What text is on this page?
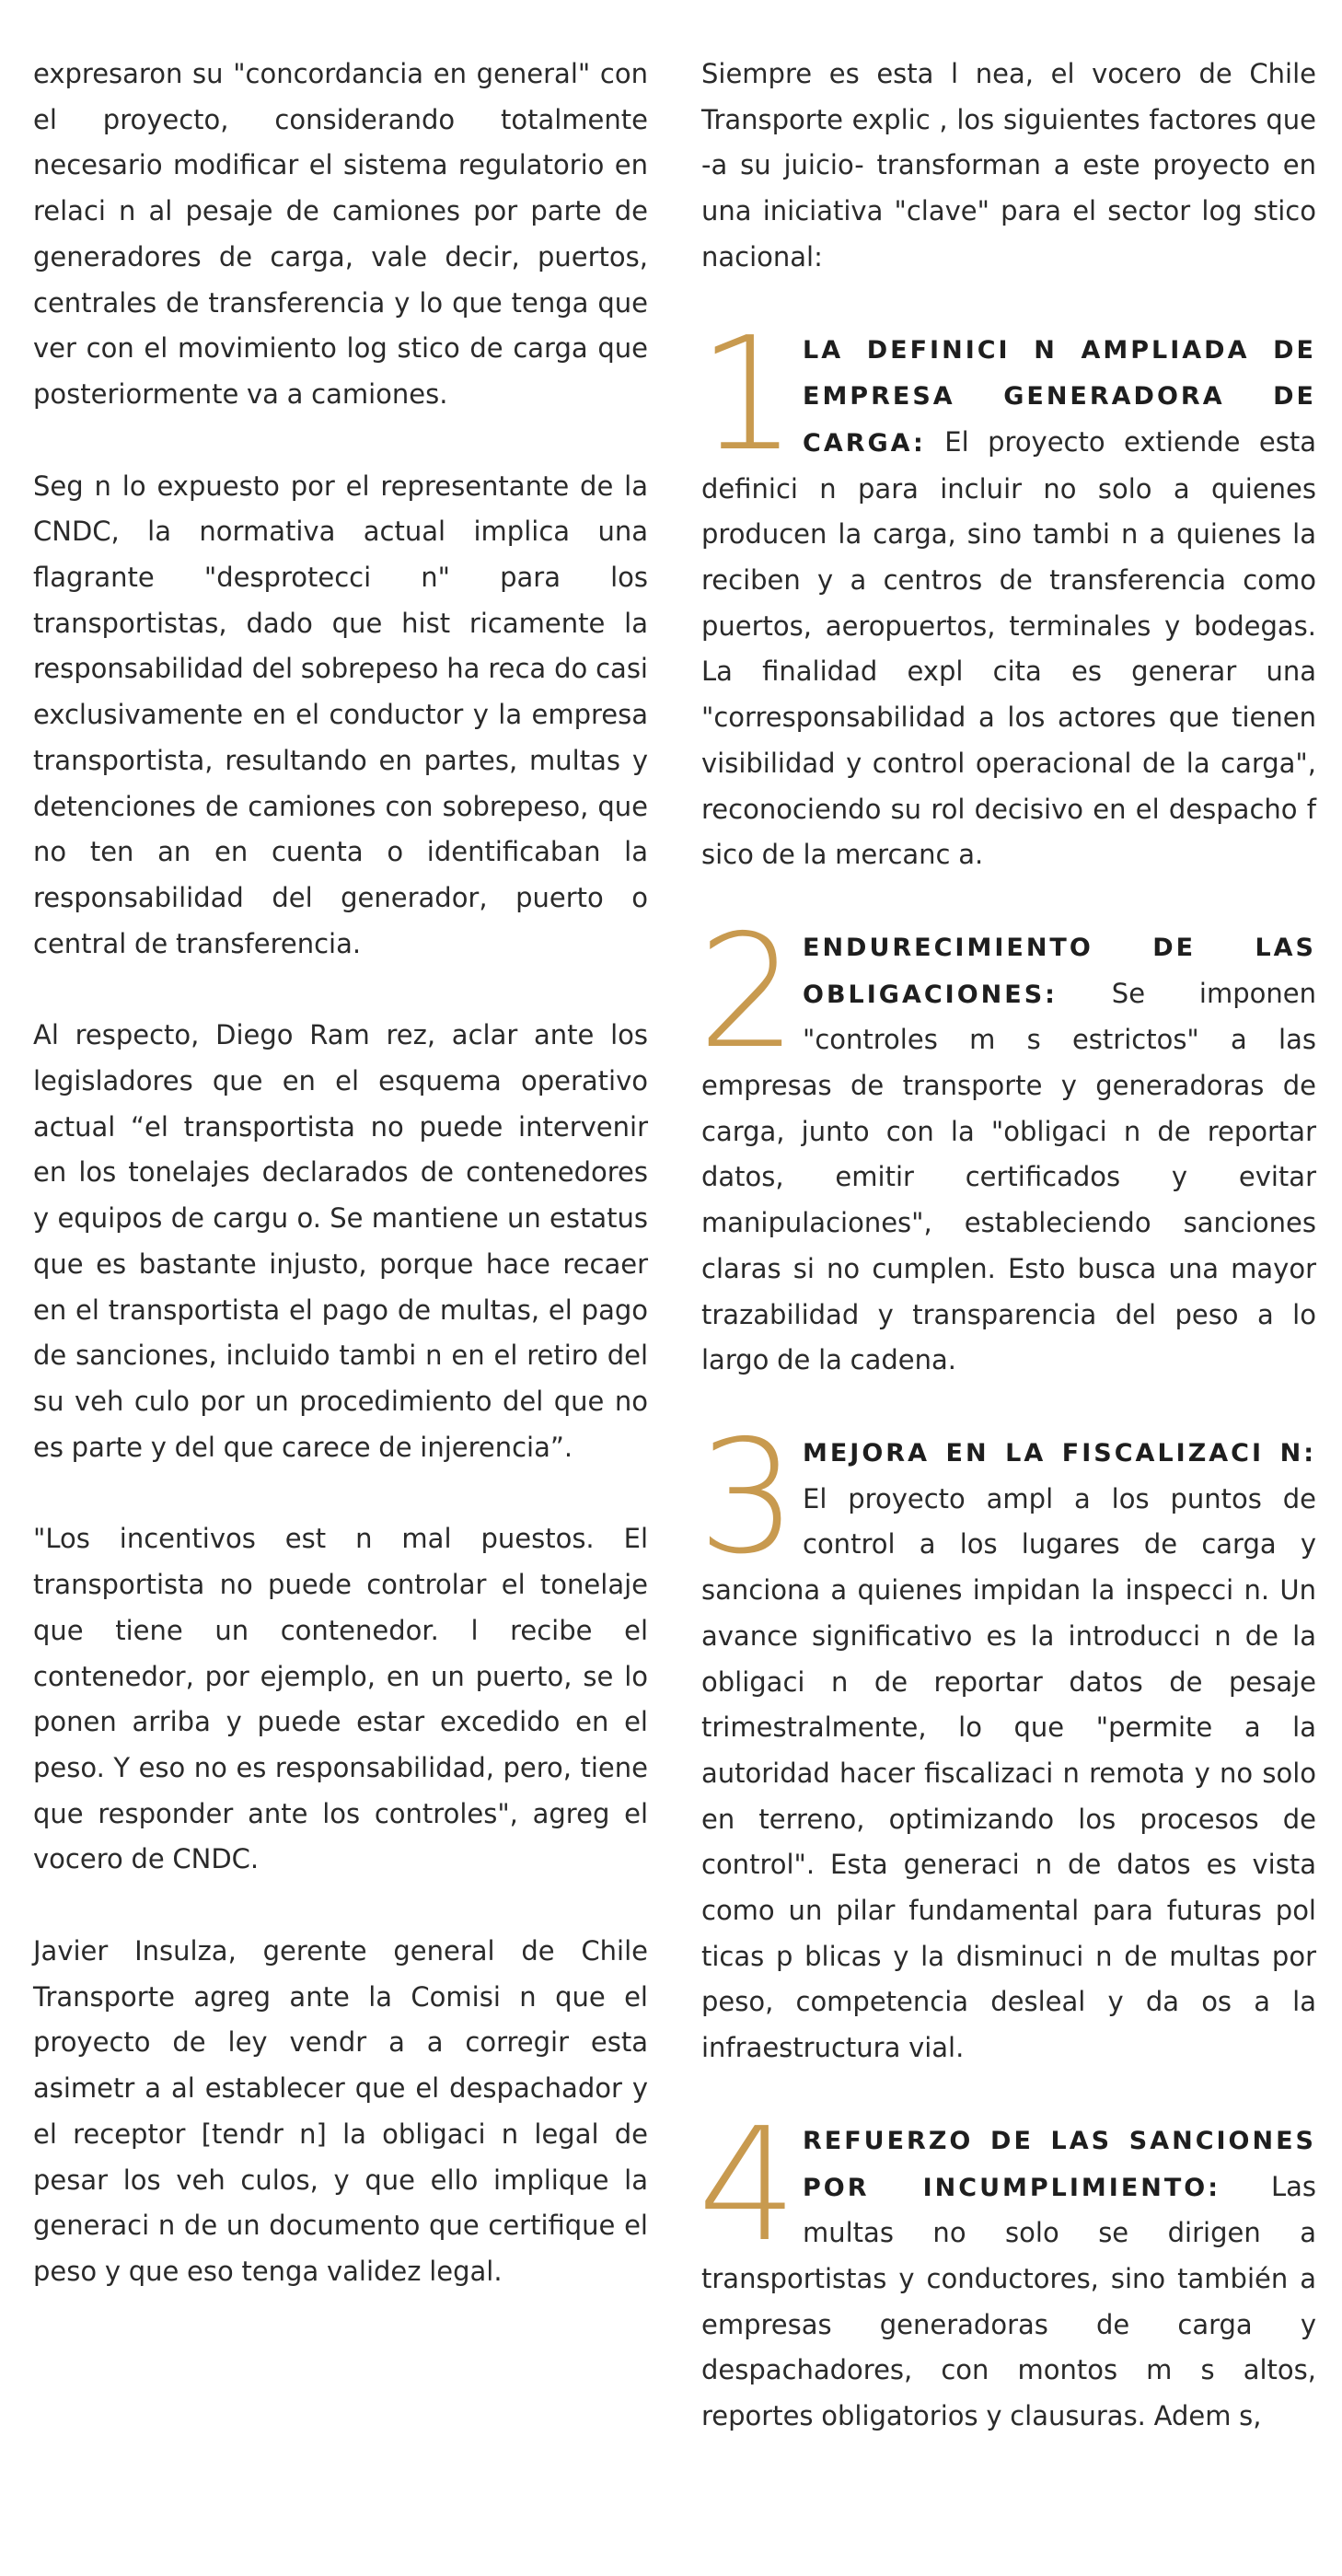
expresaron su "concordancia en general" con el proyecto, considerando totalmente necesario modificar el sistema regulatorio en relaci n al pesaje de camiones por parte de generadores de carga, vale decir, puertos, centrales de transferencia y lo que tenga que ver con el movimiento log stico de carga que posteriormente va a camiones.

Seg n lo expuesto por el representante de la CNDC, la normativa actual implica una flagrante "desprotecci n" para los transportistas, dado que hist ricamente la responsabilidad del sobrepeso ha reca do casi exclusivamente en el conductor y la empresa transportista, resultando en partes, multas y detenciones de camiones con sobrepeso, que no ten an en cuenta o identificaban la responsabilidad del generador, puerto o central de transferencia.

Al respecto, Diego Ram rez, aclar ante los legisladores que en el esquema operativo actual “el transportista no puede intervenir en los tonelajes declarados de contenedores y equipos de cargu o. Se mantiene un estatus que es bastante injusto, porque hace recaer en el transportista el pago de multas, el pago de sanciones, incluido tambi n en el retiro del su veh culo por un procedimiento del que no es parte y del que carece de injerencia”.

"Los incentivos est n mal puestos. El transportista no puede controlar el tonelaje que tiene un contenedor. l recibe el contenedor, por ejemplo, en un puerto, se lo ponen arriba y puede estar excedido en el peso. Y eso no es responsabilidad, pero, tiene que responder ante los controles", agreg el vocero de CNDC.

Javier Insulza, gerente general de Chile Transporte agreg ante la Comisi n que el proyecto de ley vendr a a corregir esta asimetr a al establecer que el despachador y el receptor [tendr n] la obligaci n legal de pesar los veh culos, y que ello implique la generaci n de un documento que certifique el peso y que eso tenga validez legal.

Siempre es esta l nea, el vocero de Chile Transporte explic , los siguientes factores que -a su juicio- transforman a este proyecto en una iniciativa "clave" para el sector log stico nacional:

1 LA DEFINICI N AMPLIADA DE EMPRESA GENERADORA DE CARGA: El proyecto extiende esta definici n para incluir no solo a quienes producen la carga, sino tambi n a quienes la reciben y a centros de transferencia como puertos, aeropuertos, terminales y bodegas. La finalidad expl cita es generar una "corresponsabilidad a los actores que tienen visibilidad y control operacional de la carga", reconociendo su rol decisivo en el despacho f sico de la mercanc a.

2 ENDURECIMIENTO DE LAS OBLIGACIONES: Se imponen "controles m s estrictos" a las empresas de transporte y generadoras de carga, junto con la "obligaci n de reportar datos, emitir certificados y evitar manipulaciones", estableciendo sanciones claras si no cumplen. Esto busca una mayor trazabilidad y transparencia del peso a lo largo de la cadena.

3 MEJORA EN LA FISCALIZACI N: El proyecto ampl a los puntos de control a los lugares de carga y sanciona a quienes impidan la inspecci n. Un avance significativo es la introducci n de la obligaci n de reportar datos de pesaje trimestralmente, lo que "permite a la autoridad hacer fiscalizaci n remota y no solo en terreno, optimizando los procesos de control". Esta generaci n de datos es vista como un pilar fundamental para futuras pol ticas p blicas y la disminuci n de multas por peso, competencia desleal y da os a la infraestructura vial.

4 REFUERZO DE LAS SANCIONES POR INCUMPLIMIENTO: Las multas no solo se dirigen a transportistas y conductores, sino también a empresas generadoras de carga y despachadores, con montos m s altos, reportes obligatorios y clausuras. Adem s,
